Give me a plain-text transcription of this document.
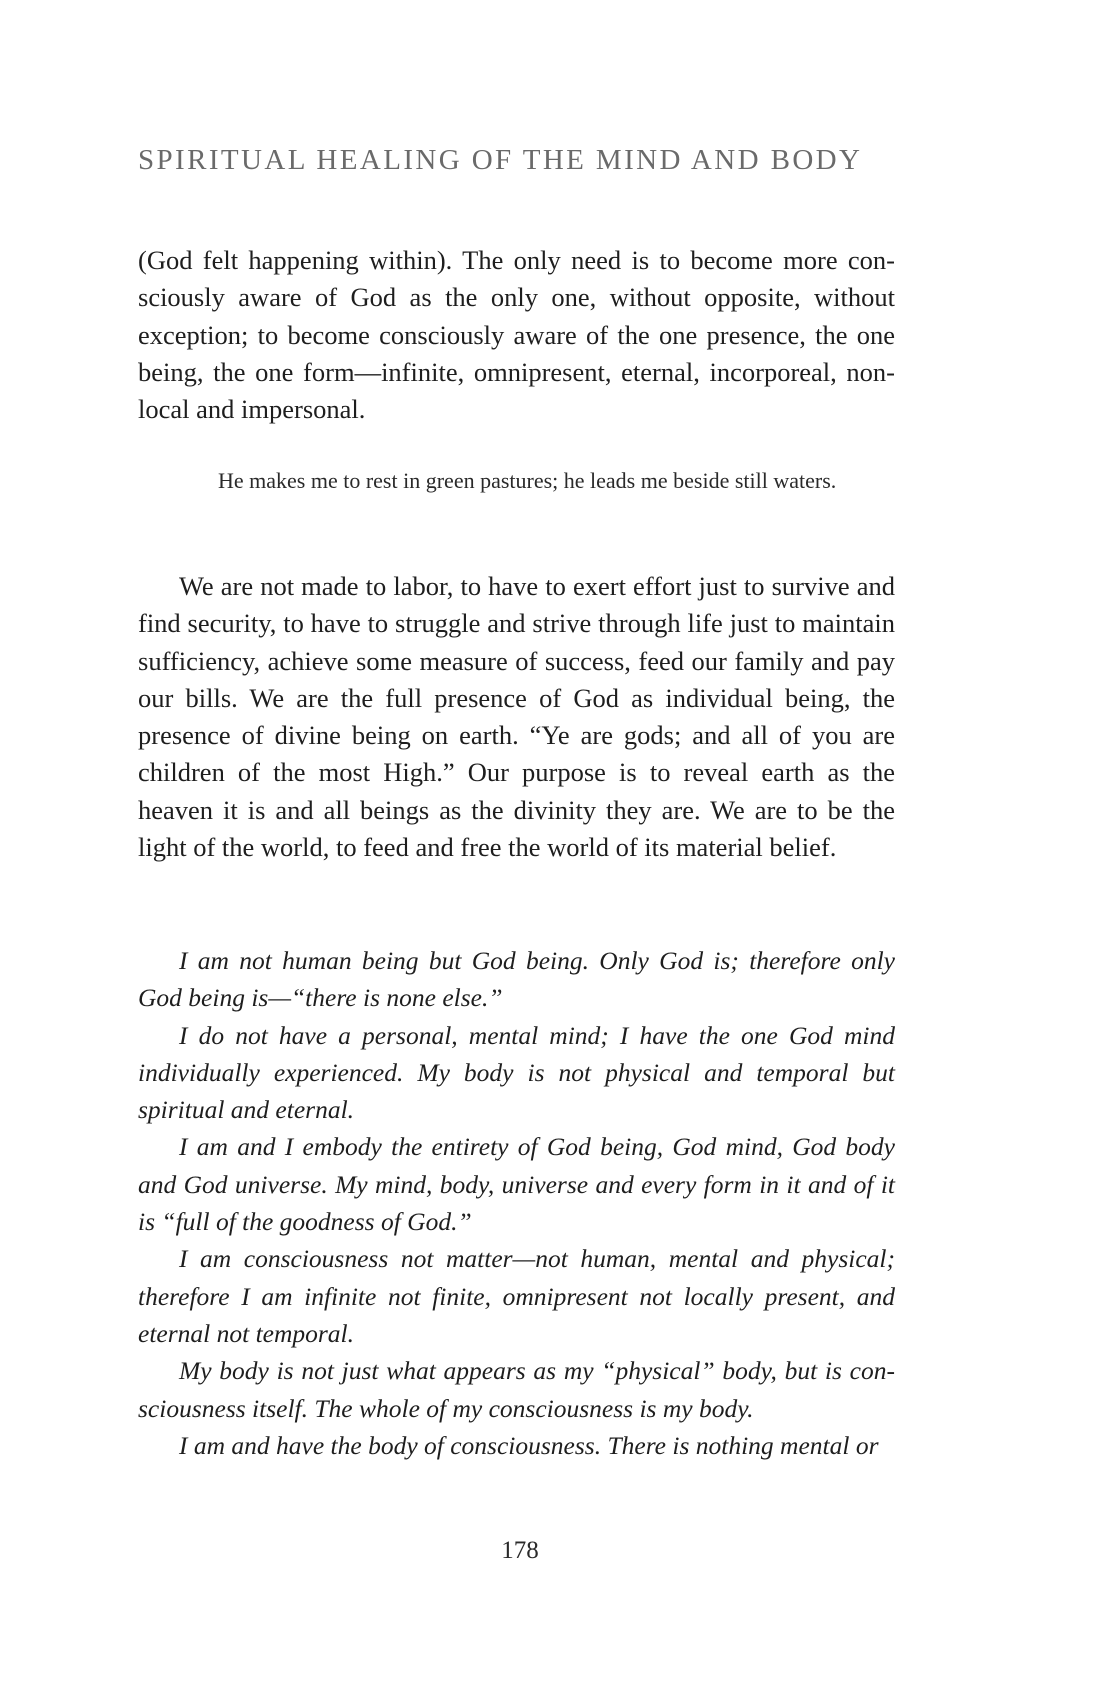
SPIRITUAL HEALING OF THE MIND AND BODY

(God felt happening within). The only need is to become more consciously aware of God as the only one, without opposite, without exception; to become consciously aware of the one presence, the one being, the one form—infinite, omnipresent, eternal, incorporeal, non-local and impersonal.

He makes me to rest in green pastures; he leads me beside still waters.

We are not made to labor, to have to exert effort just to survive and find security, to have to struggle and strive through life just to maintain sufficiency, achieve some measure of success, feed our family and pay our bills. We are the full presence of God as individual being, the presence of divine being on earth. “Ye are gods; and all of you are children of the most High.” Our purpose is to reveal earth as the heaven it is and all beings as the divinity they are. We are to be the light of the world, to feed and free the world of its material belief.

I am not human being but God being. Only God is; therefore only God being is—“there is none else.”

I do not have a personal, mental mind; I have the one God mind individually experienced. My body is not physical and temporal but spiritual and eternal.

I am and I embody the entirety of God being, God mind, God body and God universe. My mind, body, universe and every form in it and of it is “full of the goodness of God.”

I am consciousness not matter—not human, mental and physical; therefore I am infinite not finite, omnipresent not locally present, and eternal not temporal.

My body is not just what appears as my “physical” body, but is consciousness itself. The whole of my consciousness is my body.

I am and have the body of consciousness. There is nothing mental or

178
